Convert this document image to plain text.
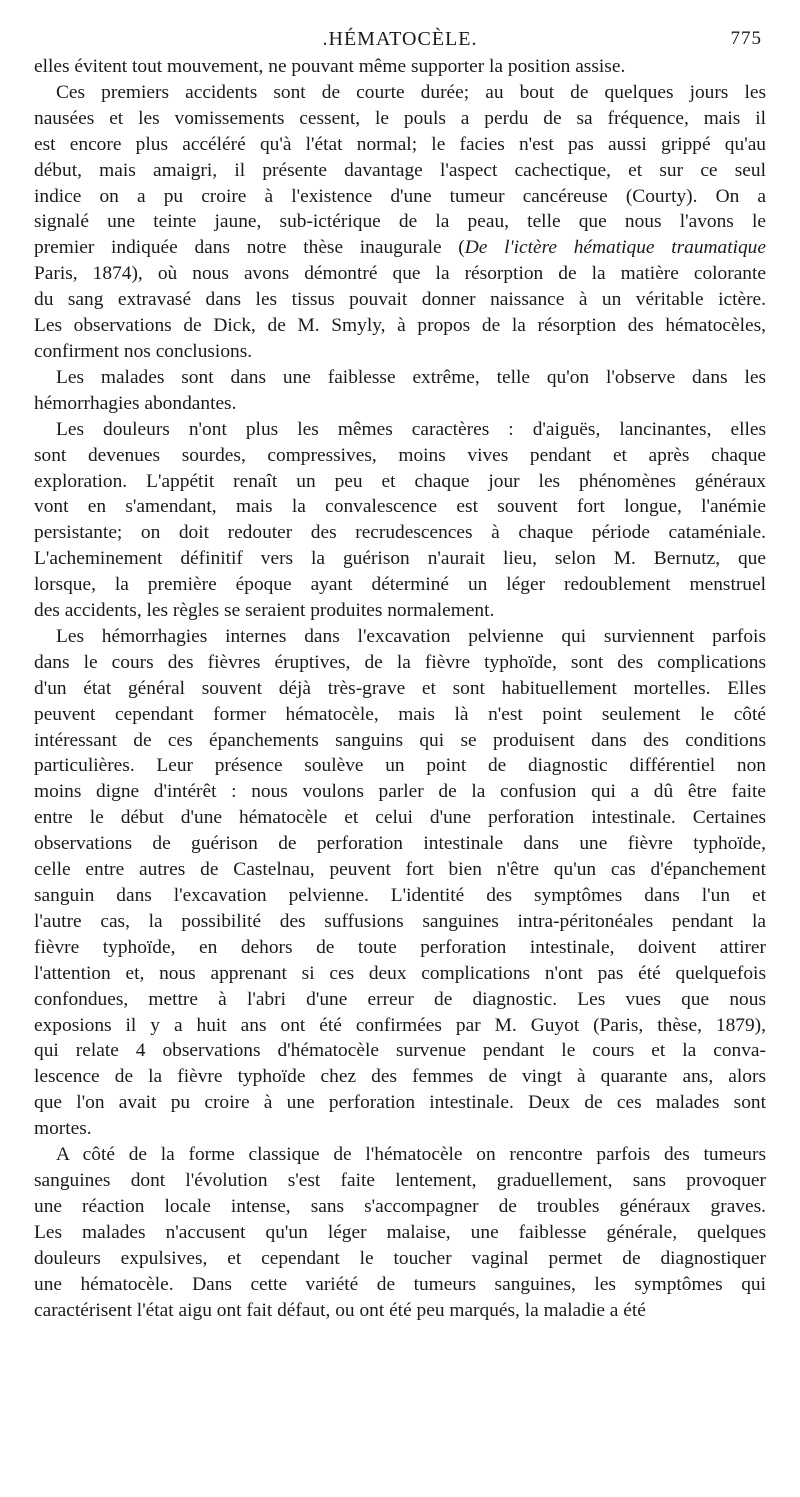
.HÉMATOCÈLE.	775
elles évitent tout mouvement, ne pouvant même supporter la position assise.
Ces premiers accidents sont de courte durée; au bout de quelques jours les
nausées et les vomissements cessent, le pouls a perdu de sa fréquence, mais il
est encore plus accéléré qu'à l'état normal; le facies n'est pas aussi grippé qu'au
début, mais amaigri, il présente davantage l'aspect cachectique, et sur ce seul
indice on a pu croire à l'existence d'une tumeur cancéreuse (Courty). On a
signalé une teinte jaune, sub-ictérique de la peau, telle que nous l'avons le
premier indiquée dans notre thèse inaugurale (De l'ictère hématique traumatique
Paris, 1874), où nous avons démontré que la résorption de la matière colorante
du sang extravasé dans les tissus pouvait donner naissance à un véritable ictère.
Les observations de Dick, de M. Smyly, à propos de la résorption des hématocèles,
confirment nos conclusions.
Les malades sont dans une faiblesse extrême, telle qu'on l'observe dans les
hémorrhagies abondantes.
Les douleurs n'ont plus les mêmes caractères : d'aiguës, lancinantes, elles
sont devenues sourdes, compressives, moins vives pendant et après chaque
exploration. L'appétit renaît un peu et chaque jour les phénomènes généraux
vont en s'amendant, mais la convalescence est souvent fort longue, l'anémie
persistante; on doit redouter des recrudescences à chaque période cataméniale.
L'acheminement définitif vers la guérison n'aurait lieu, selon M. Bernutz, que
lorsque, la première époque ayant déterminé un léger redoublement menstruel
des accidents, les règles se seraient produites normalement.
Les hémorrhagies internes dans l'excavation pelvienne qui surviennent parfois
dans le cours des fièvres éruptives, de la fièvre typhoïde, sont des complications
d'un état général souvent déjà très-grave et sont habituellement mortelles. Elles
peuvent cependant former hématocèle, mais là n'est point seulement le côté
intéressant de ces épanchements sanguins qui se produisent dans des conditions
particulières. Leur présence soulève un point de diagnostic différentiel non
moins digne d'intérêt : nous voulons parler de la confusion qui a dû être faite
entre le début d'une hématocèle et celui d'une perforation intestinale. Certaines
observations de guérison de perforation intestinale dans une fièvre typhoïde,
celle entre autres de Castelnau, peuvent fort bien n'être qu'un cas d'épanchement
sanguin dans l'excavation pelvienne. L'identité des symptômes dans l'un et
l'autre cas, la possibilité des suffusions sanguines intra-péritonéales pendant la
fièvre typhoïde, en dehors de toute perforation intestinale, doivent attirer
l'attention et, nous apprenant si ces deux complications n'ont pas été quelquefois
confondues, mettre à l'abri d'une erreur de diagnostic. Les vues que nous
exposions il y a huit ans ont été confirmées par M. Guyot (Paris, thèse, 1879),
qui relate 4 observations d'hématocèle survenue pendant le cours et la conva-
lescence de la fièvre typhoïde chez des femmes de vingt à quarante ans, alors
que l'on avait pu croire à une perforation intestinale. Deux de ces malades sont
mortes.
A côté de la forme classique de l'hématocèle on rencontre parfois des tumeurs
sanguines dont l'évolution s'est faite lentement, graduellement, sans provoquer
une réaction locale intense, sans s'accompagner de troubles généraux graves.
Les malades n'accusent qu'un léger malaise, une faiblesse générale, quelques
douleurs expulsives, et cependant le toucher vaginal permet de diagnostiquer
une hématocèle. Dans cette variété de tumeurs sanguines, les symptômes qui
caractérisent l'état aigu ont fait défaut, ou ont été peu marqués, la maladie a été
